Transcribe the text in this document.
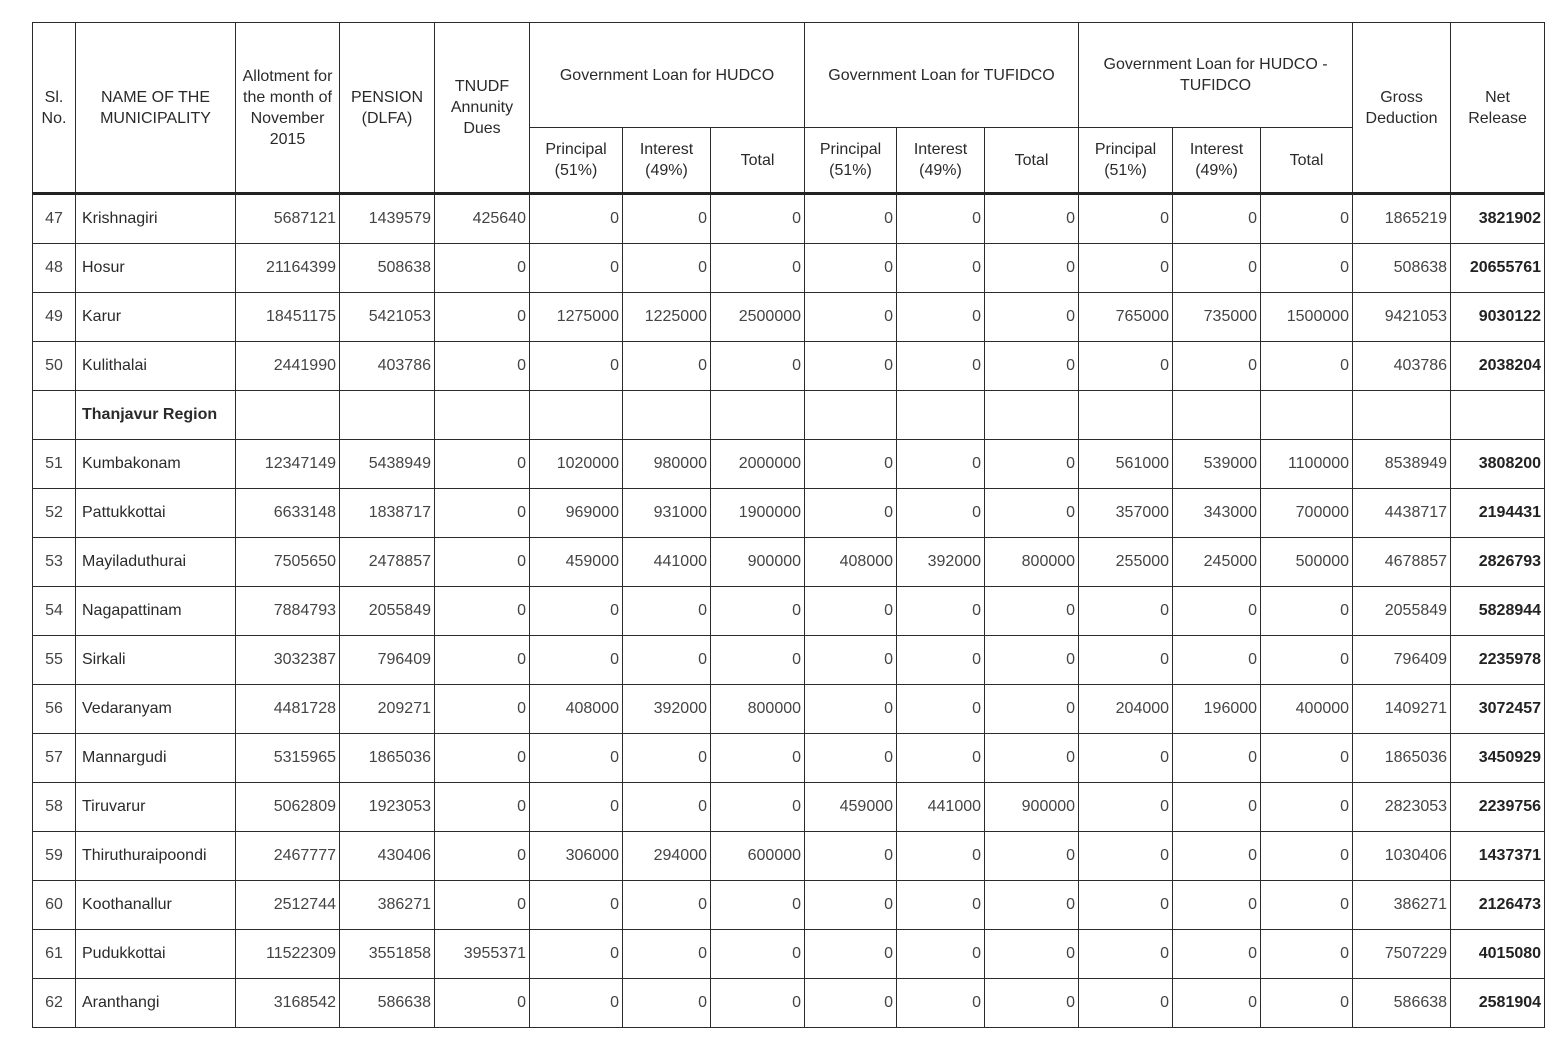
Sl. No.	NAME OF THE MUNICIPALITY	Allotment for the month of November 2015	PENSION (DLFA)	TNUDF Annunity Dues	Government Loan for HUDCO			Government Loan for TUFIDCO			Government Loan for HUDCO - TUFIDCO			Gross Deduction	Net Release
					Principal (51%)	Interest (49%)	Total	Principal (51%)	Interest (49%)	Total	Principal (51%)	Interest (49%)	Total		
47	Krishnagiri	5687121	1439579	425640	0	0	0	0	0	0	0	0	0	1865219	3821902
48	Hosur	21164399	508638	0	0	0	0	0	0	0	0	0	0	508638	20655761
49	Karur	18451175	5421053	0	1275000	1225000	2500000	0	0	0	765000	735000	1500000	9421053	9030122
50	Kulithalai	2441990	403786	0	0	0	0	0	0	0	0	0	0	403786	2038204
	Thanjavur Region														
51	Kumbakonam	12347149	5438949	0	1020000	980000	2000000	0	0	0	561000	539000	1100000	8538949	3808200
52	Pattukkottai	6633148	1838717	0	969000	931000	1900000	0	0	0	357000	343000	700000	4438717	2194431
53	Mayiladuthurai	7505650	2478857	0	459000	441000	900000	408000	392000	800000	255000	245000	500000	4678857	2826793
54	Nagapattinam	7884793	2055849	0	0	0	0	0	0	0	0	0	0	2055849	5828944
55	Sirkali	3032387	796409	0	0	0	0	0	0	0	0	0	0	796409	2235978
56	Vedaranyam	4481728	209271	0	408000	392000	800000	0	0	0	204000	196000	400000	1409271	3072457
57	Mannargudi	5315965	1865036	0	0	0	0	0	0	0	0	0	0	1865036	3450929
58	Tiruvarur	5062809	1923053	0	0	0	0	459000	441000	900000	0	0	0	2823053	2239756
59	Thiruthuraipoondi	2467777	430406	0	306000	294000	600000	0	0	0	0	0	0	1030406	1437371
60	Koothanallur	2512744	386271	0	0	0	0	0	0	0	0	0	0	386271	2126473
61	Pudukkottai	11522309	3551858	3955371	0	0	0	0	0	0	0	0	0	7507229	4015080
62	Aranthangi	3168542	586638	0	0	0	0	0	0	0	0	0	0	586638	2581904
